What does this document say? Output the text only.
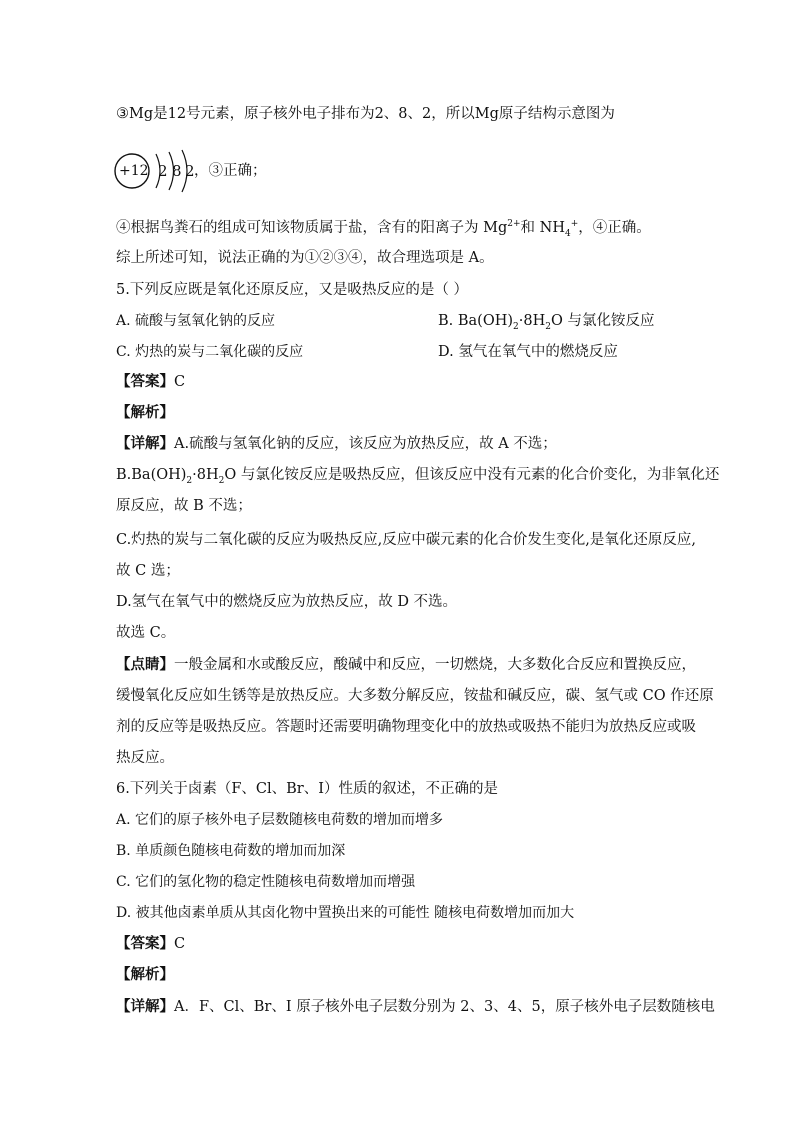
③Mg是12号元素，原子核外电子排布为2、8、2，所以Mg原子结构示意图为
+12 2 8 2 ，③正确；
④根据鸟粪石的组成可知该物质属于盐，含有的阳离子为 $Mg^{2+}$和 $NH_4^+$，④正确。
综上所述可知，说法正确的为①②③④，故合理选项是 A。
5.下列反应既是氧化还原反应，又是吸热反应的是（ ）
A. 硫酸与氢氧化钠的反应	B. $Ba(OH)_2\cdot 8H_2O$ 与氯化铵反应
C. 灼热的炭与二氧化碳的反应	D. 氢气在氧气中的燃烧反应
【答案】C
【解析】
【详解】A.硫酸与氢氧化钠的反应，该反应为放热反应，故 A 不选；
$B.Ba(OH)_2\cdot 8H_2O$ 与氯化铵反应是吸热反应，但该反应中没有元素的化合价变化，为非氧化还
原反应，故 B 不选；
C.灼热的炭与二氧化碳的反应为吸热反应,反应中碳元素的化合价发生变化,是氧化还原反应,
故 C 选；
D.氢气在氧气中的燃烧反应为放热反应，故 D 不选。
故选 C。
【点睛】一般金属和水或酸反应，酸碱中和反应，一切燃烧，大多数化合反应和置换反应，
缓慢氧化反应如生锈等是放热反应。大多数分解反应，铵盐和碱反应，碳、氢气或 CO 作还原
剂的反应等是吸热反应。答题时还需要明确物理变化中的放热或吸热不能归为放热反应或吸
热反应。
6.下列关于卤素（F、Cl、Br、I）性质的叙述，不正确的是
A. 它们的原子核外电子层数随核电荷数的增加而增多
B. 单质颜色随核电荷数的增加而加深
C. 它们的氢化物的稳定性随核电荷数增加而增强
D. 被其他卤素单质从其卤化物中置换出来的可能性 随核电荷数增加而加大
【答案】C
【解析】
【详解】A．F、Cl、Br、I 原子核外电子层数分别为 2、3、4、5，原子核外电子层数随核电
